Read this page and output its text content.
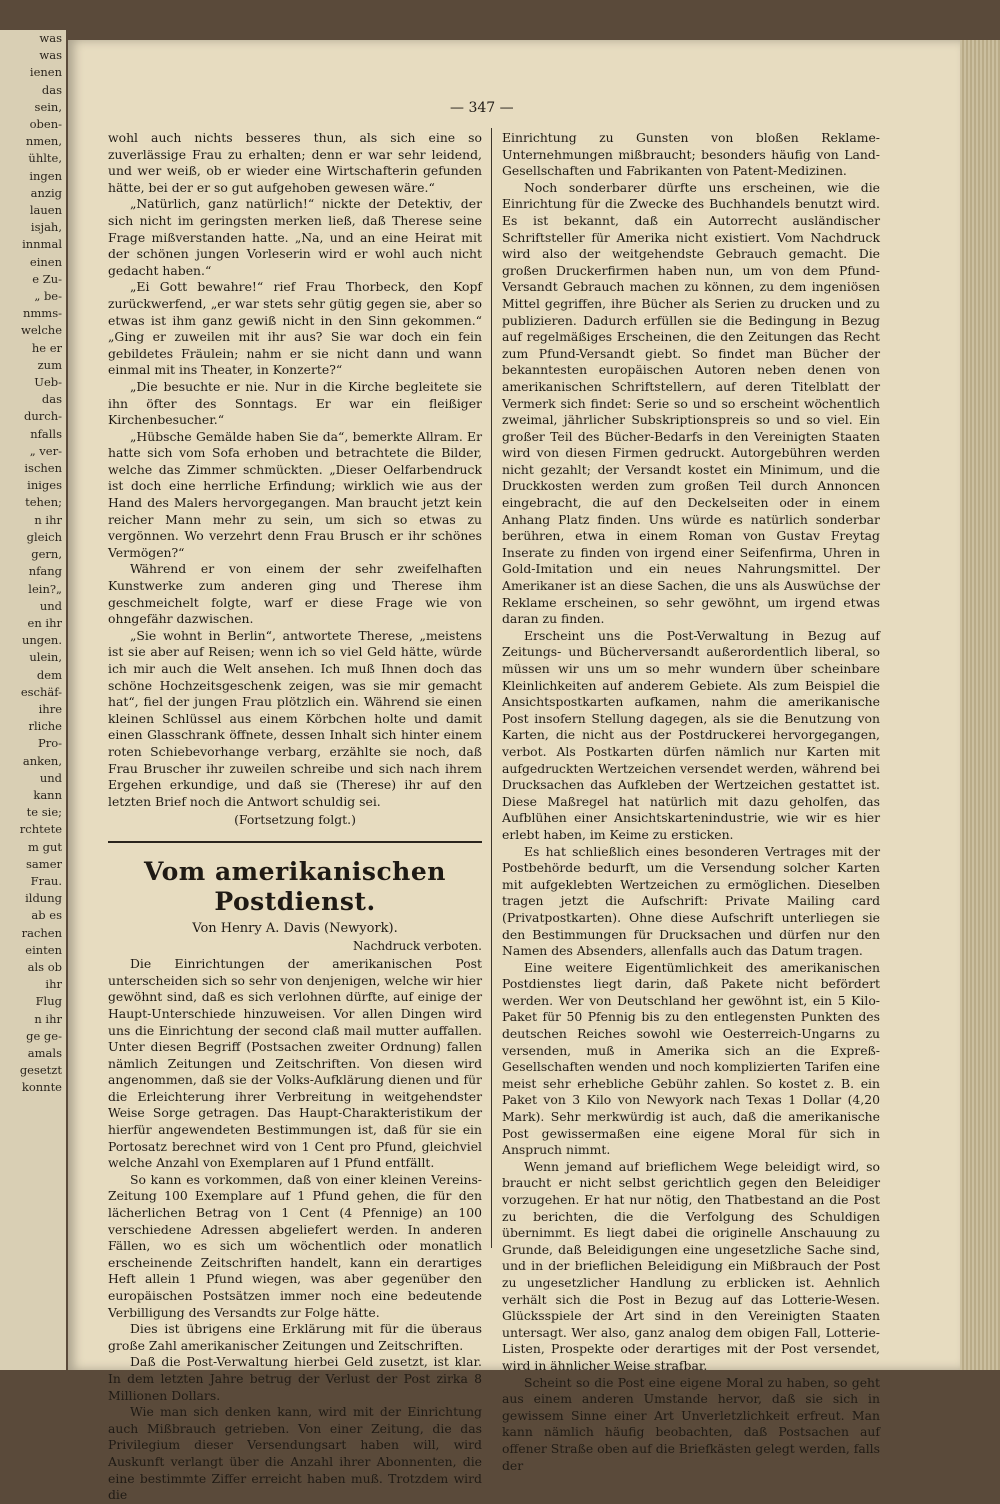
was
was
ienen
das
sein,
oben-
nmen,
ühlte,
ingen
anzig
lauen
isjah,
innmal
einen
e Zu-
„ be-
nmms-
welche
he er
zum
Ueb-
das
durch-
nfalls
„ ver-
ischen
iniges
tehen;
n ihr
gleich
gern,
nfang
lein?„
und
en ihr
ungen.
ulein,
dem
eschäf-
ihre
rliche
Pro-
anken,
und
kann
te sie;
rchtete
m gut
samer
Frau.
ildung
ab es
rachen
einten
als ob
ihr
Flug
n ihr
ge ge-
amals
gesetzt
konnte
— 347 —

wohl auch nichts besseres thun, als sich eine so zuverlässige Frau zu erhalten; denn er war sehr leidend, und wer weiß, ob er wieder eine Wirtschafterin gefunden hätte, bei der er so gut aufgehoben gewesen wäre.“

„Natürlich, ganz natürlich!“ nickte der Detektiv, der sich nicht im geringsten merken ließ, daß Therese seine Frage mißverstanden hatte. „Na, und an eine Heirat mit der schönen jungen Vorleserin wird er wohl auch nicht gedacht haben.“

„Ei Gott bewahre!“ rief Frau Thorbeck, den Kopf zurückwerfend, „er war stets sehr gütig gegen sie, aber so etwas ist ihm ganz gewiß nicht in den Sinn gekommen.“ „Ging er zuweilen mit ihr aus? Sie war doch ein fein gebildetes Fräulein; nahm er sie nicht dann und wann einmal mit ins Theater, in Konzerte?“

„Die besuchte er nie. Nur in die Kirche begleitete sie ihn öfter des Sonntags. Er war ein fleißiger Kirchenbesucher.“

„Hübsche Gemälde haben Sie da“, bemerkte Allram. Er hatte sich vom Sofa erhoben und betrachtete die Bilder, welche das Zimmer schmückten. „Dieser Oelfarbendruck ist doch eine herrliche Erfindung; wirklich wie aus der Hand des Malers hervorgegangen. Man braucht jetzt kein reicher Mann mehr zu sein, um sich so etwas zu vergönnen. Wo verzehrt denn Frau Brusch er ihr schönes Vermögen?“

Während er von einem der sehr zweifelhaften Kunstwerke zum anderen ging und Therese ihm geschmeichelt folgte, warf er diese Frage wie von ohngefähr dazwischen.

„Sie wohnt in Berlin“, antwortete Therese, „meistens ist sie aber auf Reisen; wenn ich so viel Geld hätte, würde ich mir auch die Welt ansehen. Ich muß Ihnen doch das schöne Hochzeitsgeschenk zeigen, was sie mir gemacht hat“, fiel der jungen Frau plötzlich ein. Während sie einen kleinen Schlüssel aus einem Körbchen holte und damit einen Glasschrank öffnete, dessen Inhalt sich hinter einem roten Schiebevorhange verbarg, erzählte sie noch, daß Frau Bruscher ihr zuweilen schreibe und sich nach ihrem Ergehen erkundige, und daß sie (Therese) ihr auf den letzten Brief noch die Antwort schuldig sei.

(Fortsetzung folgt.)
Vom amerikanischen Postdienst.
Von Henry A. Davis (Newyork).
Nachdruck verboten.

Die Einrichtungen der amerikanischen Post unterscheiden sich so sehr von denjenigen, welche wir hier gewöhnt sind, daß es sich verlohnen dürfte, auf einige der Haupt-Unterschiede hinzuweisen. Vor allen Dingen wird uns die Einrichtung der second claß mail mutter auffallen. Unter diesen Begriff (Postsachen zweiter Ordnung) fallen nämlich Zeitungen und Zeitschriften. Von diesen wird angenommen, daß sie der Volks-Aufklärung dienen und für die Erleichterung ihrer Verbreitung in weitgehendster Weise Sorge getragen. Das Haupt-Charakteristikum der hierfür angewendeten Bestimmungen ist, daß für sie ein Portosatz berechnet wird von 1 Cent pro Pfund, gleichviel welche Anzahl von Exemplaren auf 1 Pfund entfällt.

So kann es vorkommen, daß von einer kleinen Vereins-Zeitung 100 Exemplare auf 1 Pfund gehen, die für den lächerlichen Betrag von 1 Cent (4 Pfennige) an 100 verschiedene Adressen abgeliefert werden. In anderen Fällen, wo es sich um wöchentlich oder monatlich erscheinende Zeitschriften handelt, kann ein derartiges Heft allein 1 Pfund wiegen, was aber gegenüber den europäischen Postsätzen immer noch eine bedeutende Verbilligung des Versandts zur Folge hätte.

Dies ist übrigens eine Erklärung mit für die überaus große Zahl amerikanischer Zeitungen und Zeitschriften.

Daß die Post-Verwaltung hierbei Geld zusetzt, ist klar. In dem letzten Jahre betrug der Verlust der Post zirka 8 Millionen Dollars.

Wie man sich denken kann, wird mit der Einrichtung auch Mißbrauch getrieben. Von einer Zeitung, die das Privilegium dieser Versendungsart haben will, wird Auskunft verlangt über die Anzahl ihrer Abonnenten, die eine bestimmte Ziffer erreicht haben muß. Trotzdem wird die

Einrichtung zu Gunsten von bloßen Reklame-Unternehmungen mißbraucht; besonders häufig von Land-Gesellschaften und Fabrikanten von Patent-Medizinen.

Noch sonderbarer dürfte uns erscheinen, wie die Einrichtung für die Zwecke des Buchhandels benutzt wird. Es ist bekannt, daß ein Autorrecht ausländischer Schriftsteller für Amerika nicht existiert. Vom Nachdruck wird also der weitgehendste Gebrauch gemacht. Die großen Druckerfirmen haben nun, um von dem Pfund-Versandt Gebrauch machen zu können, zu dem ingeniösen Mittel gegriffen, ihre Bücher als Serien zu drucken und zu publizieren. Dadurch erfüllen sie die Bedingung in Bezug auf regelmäßiges Erscheinen, die den Zeitungen das Recht zum Pfund-Versandt giebt. So findet man Bücher der bekanntesten europäischen Autoren neben denen von amerikanischen Schriftstellern, auf deren Titelblatt der Vermerk sich findet: Serie so und so erscheint wöchentlich zweimal, jährlicher Subskriptionspreis so und so viel. Ein großer Teil des Bücher-Bedarfs in den Vereinigten Staaten wird von diesen Firmen gedruckt. Autorgebühren werden nicht gezahlt; der Versandt kostet ein Minimum, und die Druckkosten werden zum großen Teil durch Annoncen eingebracht, die auf den Deckelseiten oder in einem Anhang Platz finden. Uns würde es natürlich sonderbar berühren, etwa in einem Roman von Gustav Freytag Inserate zu finden von irgend einer Seifenfirma, Uhren in Gold-Imitation und ein neues Nahrungsmittel. Der Amerikaner ist an diese Sachen, die uns als Auswüchse der Reklame erscheinen, so sehr gewöhnt, um irgend etwas daran zu finden.

Erscheint uns die Post-Verwaltung in Bezug auf Zeitungs- und Bücherversandt außerordentlich liberal, so müssen wir uns um so mehr wundern über scheinbare Kleinlichkeiten auf anderem Gebiete. Als zum Beispiel die Ansichtspostkarten aufkamen, nahm die amerikanische Post insofern Stellung dagegen, als sie die Benutzung von Karten, die nicht aus der Postdruckerei hervorgegangen, verbot. Als Postkarten dürfen nämlich nur Karten mit aufgedruckten Wertzeichen versendet werden, während bei Drucksachen das Aufkleben der Wertzeichen gestattet ist. Diese Maßregel hat natürlich mit dazu geholfen, das Aufblühen einer Ansichtskartenindustrie, wie wir es hier erlebt haben, im Keime zu ersticken.

Es hat schließlich eines besonderen Vertrages mit der Postbehörde bedurft, um die Versendung solcher Karten mit aufgeklebten Wertzeichen zu ermöglichen. Dieselben tragen jetzt die Aufschrift: Private Mailing card (Privatpostkarten). Ohne diese Aufschrift unterliegen sie den Bestimmungen für Drucksachen und dürfen nur den Namen des Absenders, allenfalls auch das Datum tragen.

Eine weitere Eigentümlichkeit des amerikanischen Postdienstes liegt darin, daß Pakete nicht befördert werden. Wer von Deutschland her gewöhnt ist, ein 5 Kilo-Paket für 50 Pfennig bis zu den entlegensten Punkten des deutschen Reiches sowohl wie Oesterreich-Ungarns zu versenden, muß in Amerika sich an die Expreß-Gesellschaften wenden und noch komplizierten Tarifen eine meist sehr erhebliche Gebühr zahlen. So kostet z. B. ein Paket von 3 Kilo von Newyork nach Texas 1 Dollar (4,20 Mark). Sehr merkwürdig ist auch, daß die amerikanische Post gewissermaßen eine eigene Moral für sich in Anspruch nimmt.

Wenn jemand auf brieflichem Wege beleidigt wird, so braucht er nicht selbst gerichtlich gegen den Beleidiger vorzugehen. Er hat nur nötig, den Thatbestand an die Post zu berichten, die die Verfolgung des Schuldigen übernimmt. Es liegt dabei die originelle Anschauung zu Grunde, daß Beleidigungen eine ungesetzliche Sache sind, und in der brieflichen Beleidigung ein Mißbrauch der Post zu ungesetzlicher Handlung zu erblicken ist. Aehnlich verhält sich die Post in Bezug auf das Lotterie-Wesen. Glücksspiele der Art sind in den Vereinigten Staaten untersagt. Wer also, ganz analog dem obigen Fall, Lotterie-Listen, Prospekte oder derartiges mit der Post versendet, wird in ähnlicher Weise strafbar.

Scheint so die Post eine eigene Moral zu haben, so geht aus einem anderen Umstande hervor, daß sie sich in gewissem Sinne einer Art Unverletzlichkeit erfreut. Man kann nämlich häufig beobachten, daß Postsachen auf offener Straße oben auf die Briefkästen gelegt werden, falls der
